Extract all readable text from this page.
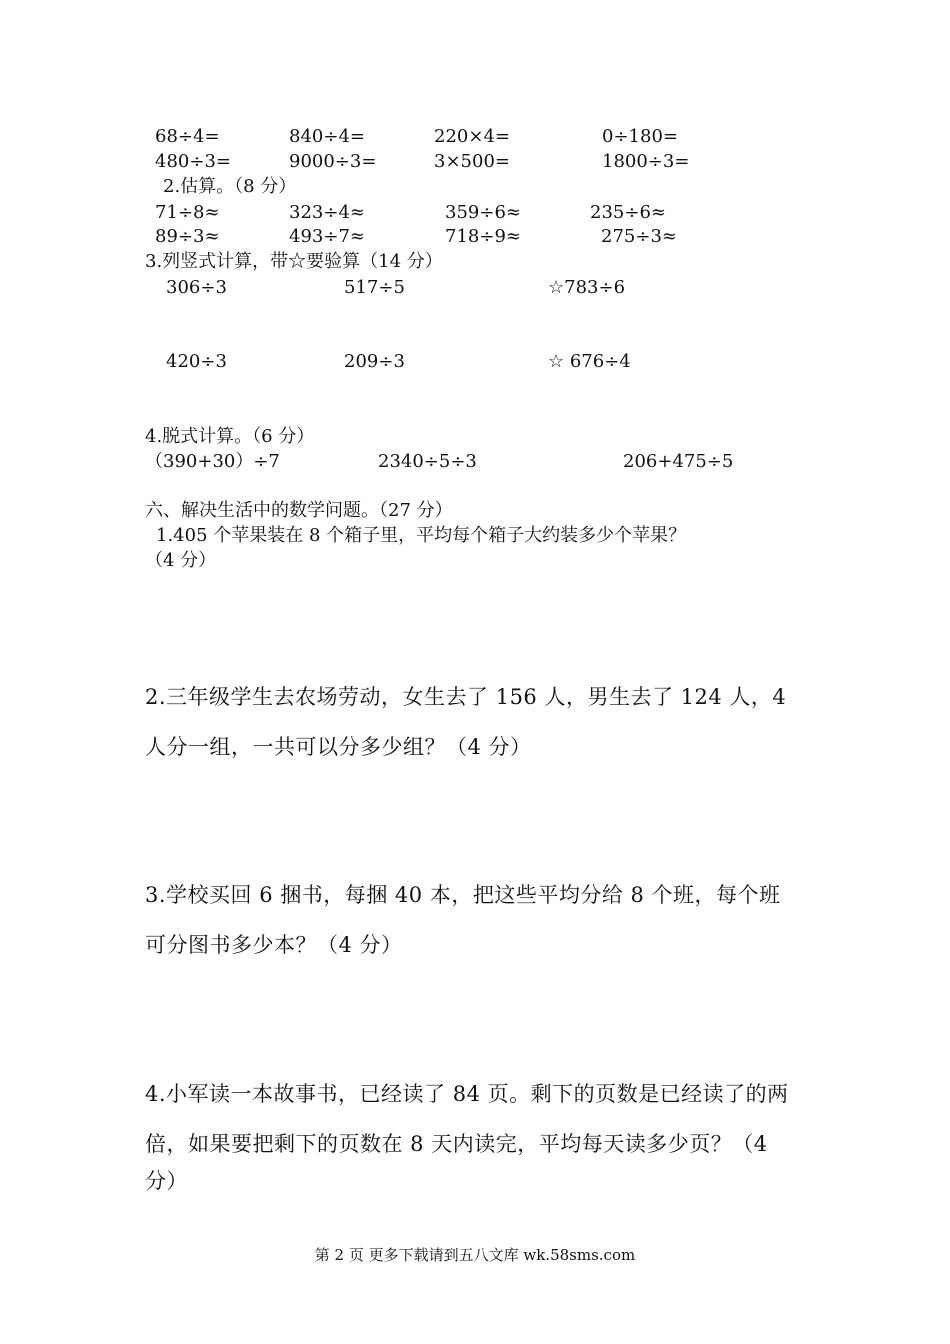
68÷4=	840÷4=	220×4=	0÷180=
480÷3=	9000÷3=	3×500=	1800÷3=
2.估算。（8 分）
71÷8≈	323÷4≈	359÷6≈	235÷6≈
89÷3≈	493÷7≈	718÷9≈	275÷3≈
3.列竖式计算，带☆要验算（14 分）
306÷3	517÷5	☆783÷6
420÷3	209÷3	☆ 676÷4
4.脱式计算。（6 分）
（390+30）÷7	2340÷5÷3	206+475÷5
六、解决生活中的数学问题。（27 分）
1.405 个苹果装在 8 个箱子里，平均每个箱子大约装多少个苹果？
（4 分）
2.三年级学生去农场劳动，女生去了 156 人，男生去了 124 人，4
人分一组，一共可以分多少组？（4 分）
3.学校买回 6 捆书，每捆 40 本，把这些平均分给 8 个班，每个班
可分图书多少本？（4 分）
4.小军读一本故事书，已经读了 84 页。剩下的页数是已经读了的两
倍，如果要把剩下的页数在 8 天内读完，平均每天读多少页？（4
分）
第 2 页 更多下载请到五八文库 wk.58sms.com
